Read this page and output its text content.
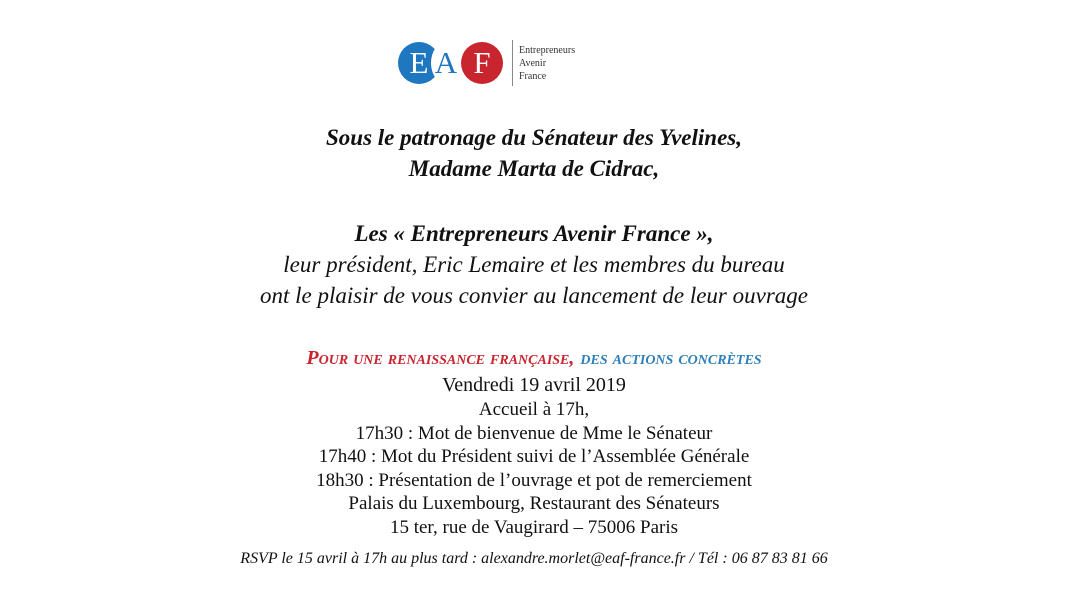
E A F	Entrepreneurs
Avenir
France
Sous le patronage du Sénateur des Yvelines,
Madame Marta de Cidrac,
Les « Entrepreneurs Avenir France »,
leur président, Eric Lemaire et les membres du bureau
ont le plaisir de vous convier au lancement de leur ouvrage
Pour une renaissance française, des actions concrètes
Vendredi 19 avril 2019
Accueil à 17h,
17h30 : Mot de bienvenue de Mme le Sénateur
17h40 : Mot du Président suivi de l’Assemblée Générale
18h30 : Présentation de l’ouvrage et pot de remerciement
Palais du Luxembourg, Restaurant des Sénateurs
15 ter, rue de Vaugirard – 75006 Paris
RSVP le 15 avril à 17h au plus tard : alexandre.morlet@eaf-france.fr / Tél : 06 87 83 81 66
